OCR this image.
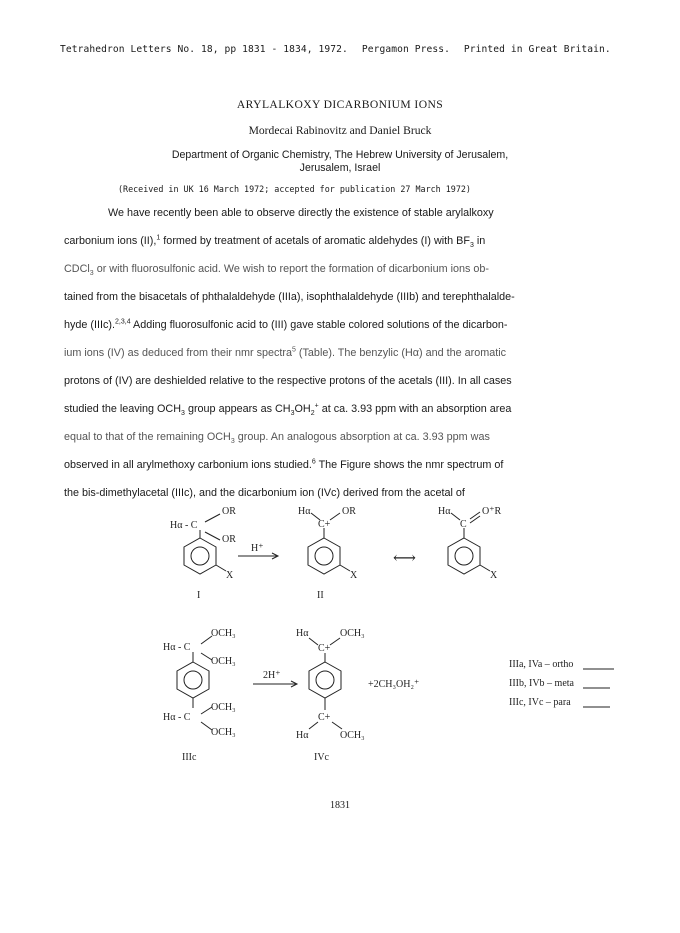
Tetrahedron Letters No. 18, pp 1831 - 1834, 1972. Pergamon Press. Printed in Great Britain.
ARYLALKOXY DICARBONIUM IONS
Mordecai Rabinovitz and Daniel Bruck
Department of Organic Chemistry, The Hebrew University of Jerusalem,
Jerusalem, Israel
(Received in UK 16 March 1972; accepted for publication 27 March 1972)
We have recently been able to observe directly the existence of stable arylalkoxy
carbonium ions (II),$^1$ formed by treatment of acetals of aromatic aldehydes (I) with $BF_3$ in
CDCl$_3$ or with fluorosulfonic acid. We wish to report the formation of dicarbonium ions ob-
tained from the bisacetals of phthalaldehyde (IIIa), isophthalaldehyde (IIIb) and terephthalalde-
hyde (IIIc).$^{2,3,4}$ Adding fluorosulfonic acid to (III) gave stable colored solutions of the dicarbon-
ium ions (IV) as deduced from their nmr spectra$^5$ (Table). The benzylic (Hα) and the aromatic
protons of (IV) are deshielded relative to the respective protons of the acetals (III). In all cases
studied the leaving $OCH_3$ group appears as $CH_3OH_2^+$ at ca. 3.93 ppm with an absorption area
equal to that of the remaining $OCH_3$ group. An analogous absorption at ca. 3.93 ppm was
observed in all arylmethoxy carbonium ions studied.$^6$ The Figure shows the nmr spectrum of
the bis-dimethylacetal (IIIc), and the dicarbonium ion (IVc) derived from the acetal of
OR
Hα - C
OR
X
I
H⁺
Hα	OR
C+
X
II
⟷
Hα	O⁺R
C
X
OCH₃
Hα - C
OCH₃
OCH₃
Hα - C
OCH₃
IIIc
2H⁺
Hα	OCH₃
C+
C+
Hα	OCH₃
IVc
+2CH₃OH₂⁺
IIIa, IVa – ortho
IIIb, IVb – meta
IIIc, IVc – para
1831
